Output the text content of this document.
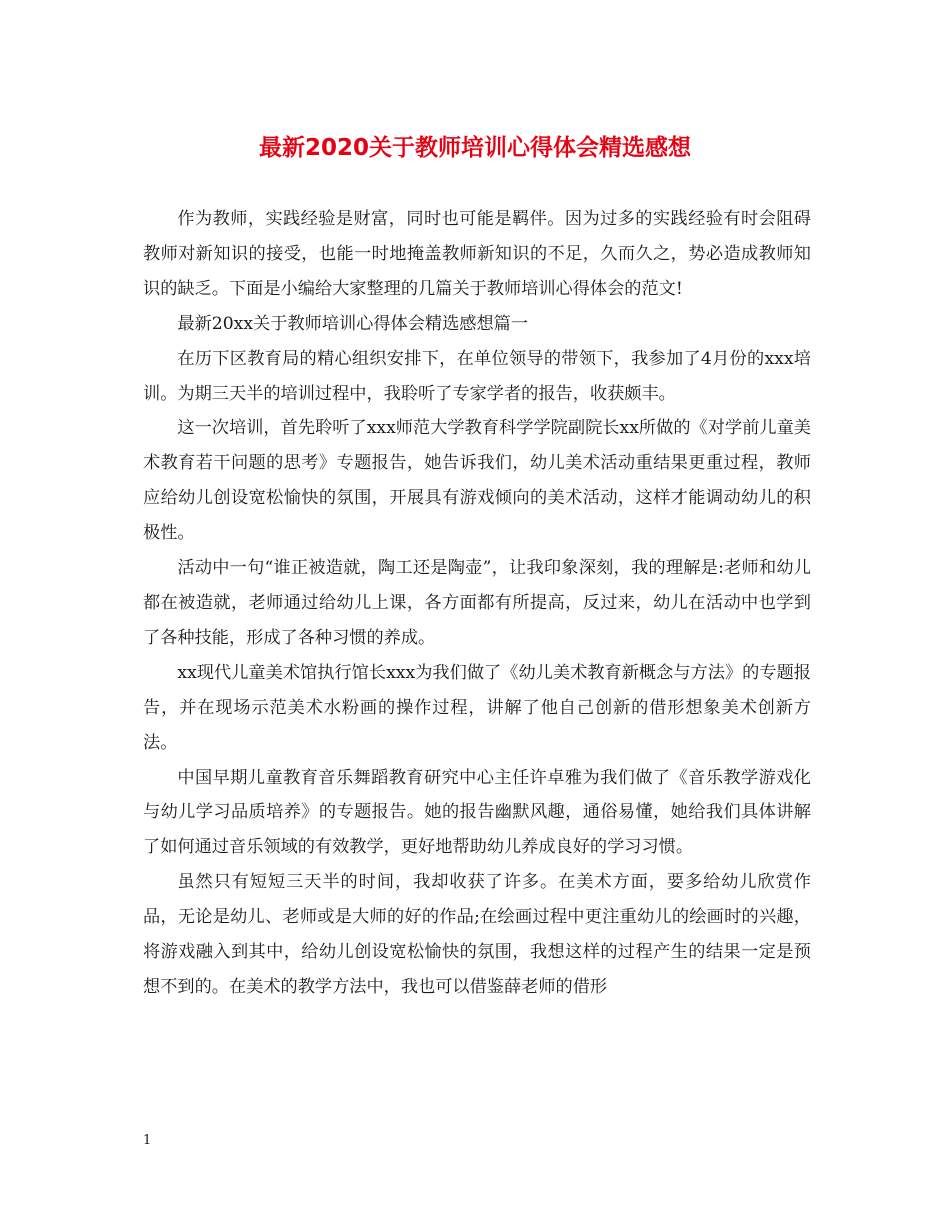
最新2020关于教师培训心得体会精选感想

作为教师，实践经验是财富，同时也可能是羁伴。因为过多的实践经验有时会阻碍教师对新知识的接受，也能一时地掩盖教师新知识的不足，久而久之，势必造成教师知识的缺乏。下面是小编给大家整理的几篇关于教师培训心得体会的范文!

最新20xx关于教师培训心得体会精选感想篇一

在历下区教育局的精心组织安排下，在单位领导的带领下，我参加了4月份的xxx培训。为期三天半的培训过程中，我聆听了专家学者的报告，收获颇丰。

这一次培训，首先聆听了xxx师范大学教育科学学院副院长xx所做的《对学前儿童美术教育若干问题的思考》专题报告，她告诉我们，幼儿美术活动重结果更重过程，教师应给幼儿创设宽松愉快的氛围，开展具有游戏倾向的美术活动，这样才能调动幼儿的积极性。

活动中一句“谁正被造就，陶工还是陶壶”，让我印象深刻，我的理解是:老师和幼儿都在被造就，老师通过给幼儿上课，各方面都有所提高，反过来，幼儿在活动中也学到了各种技能，形成了各种习惯的养成。

xx现代儿童美术馆执行馆长xxx为我们做了《幼儿美术教育新概念与方法》的专题报告，并在现场示范美术水粉画的操作过程，讲解了他自己创新的借形想象美术创新方法。

中国早期儿童教育音乐舞蹈教育研究中心主任许卓雅为我们做了《音乐教学游戏化与幼儿学习品质培养》的专题报告。她的报告幽默风趣，通俗易懂，她给我们具体讲解了如何通过音乐领域的有效教学，更好地帮助幼儿养成良好的学习习惯。

虽然只有短短三天半的时间，我却收获了许多。在美术方面，要多给幼儿欣赏作品，无论是幼儿、老师或是大师的好的作品;在绘画过程中更注重幼儿的绘画时的兴趣，将游戏融入到其中，给幼儿创设宽松愉快的氛围，我想这样的过程产生的结果一定是预想不到的。在美术的教学方法中，我也可以借鉴薛老师的借形

1
